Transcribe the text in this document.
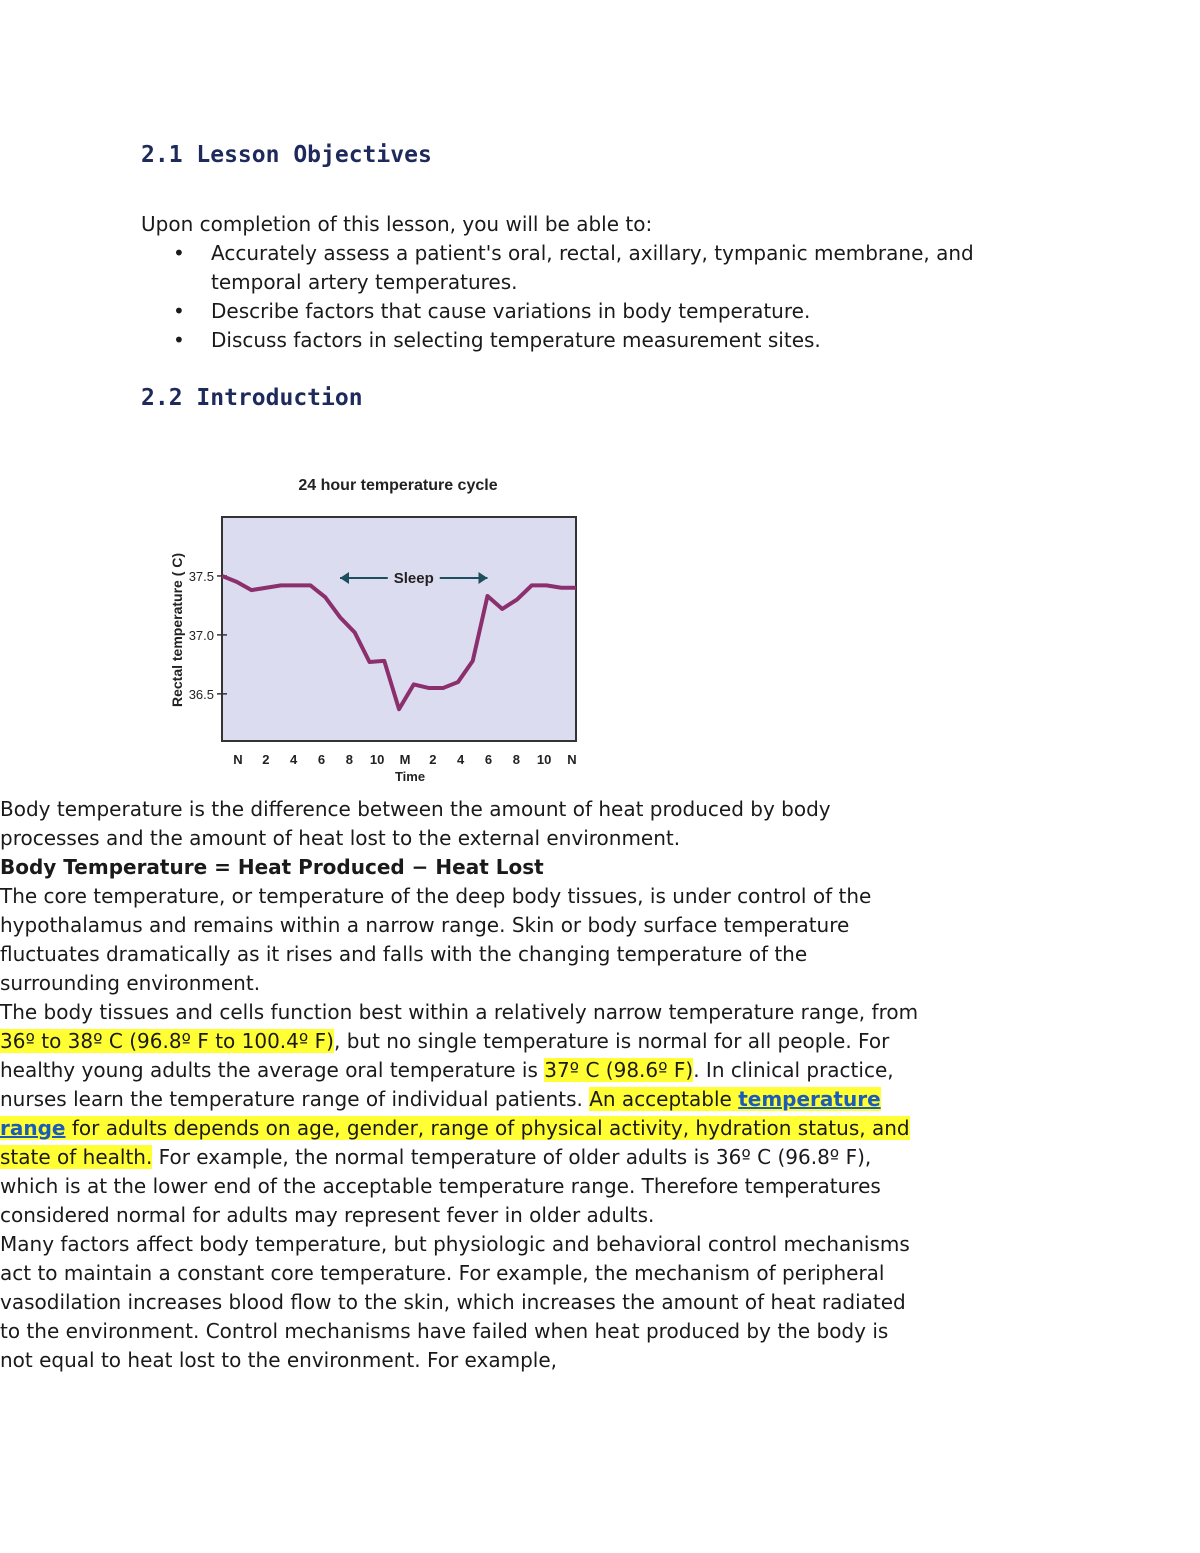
2.1 Lesson Objectives
Upon completion of this lesson, you will be able to:
• Accurately assess a patient's oral, rectal, axillary, tympanic membrane, and temporal artery temperatures.
• Describe factors that cause variations in body temperature.
• Discuss factors in selecting temperature measurement sites.
2.2 Introduction
24 hour temperature cycle
Rectal temperature ( C)
Time
36.5
37.0
37.5
N 2 4 6 8 10 M 2 4 6 8 10 N
Sleep

Body temperature is the difference between the amount of heat produced by body processes and the amount of heat lost to the external environment.

Body Temperature = Heat Produced − Heat Lost

The core temperature, or temperature of the deep body tissues, is under control of the hypothalamus and remains within a narrow range. Skin or body surface temperature fluctuates dramatically as it rises and falls with the changing temperature of the surrounding environment.

The body tissues and cells function best within a relatively narrow temperature range, from 36º to 38º C (96.8º F to 100.4º F), but no single temperature is normal for all people. For healthy young adults the average oral temperature is 37º C (98.6º F). In clinical practice, nurses learn the temperature range of individual patients. An acceptable temperature range for adults depends on age, gender, range of physical activity, hydration status, and state of health. For example, the normal temperature of older adults is 36º C (96.8º F), which is at the lower end of the acceptable temperature range. Therefore temperatures considered normal for adults may represent fever in older adults.

Many factors affect body temperature, but physiologic and behavioral control mechanisms act to maintain a constant core temperature. For example, the mechanism of peripheral vasodilation increases blood flow to the skin, which increases the amount of heat radiated to the environment. Control mechanisms have failed when heat produced by the body is not equal to heat lost to the environment. For example,
